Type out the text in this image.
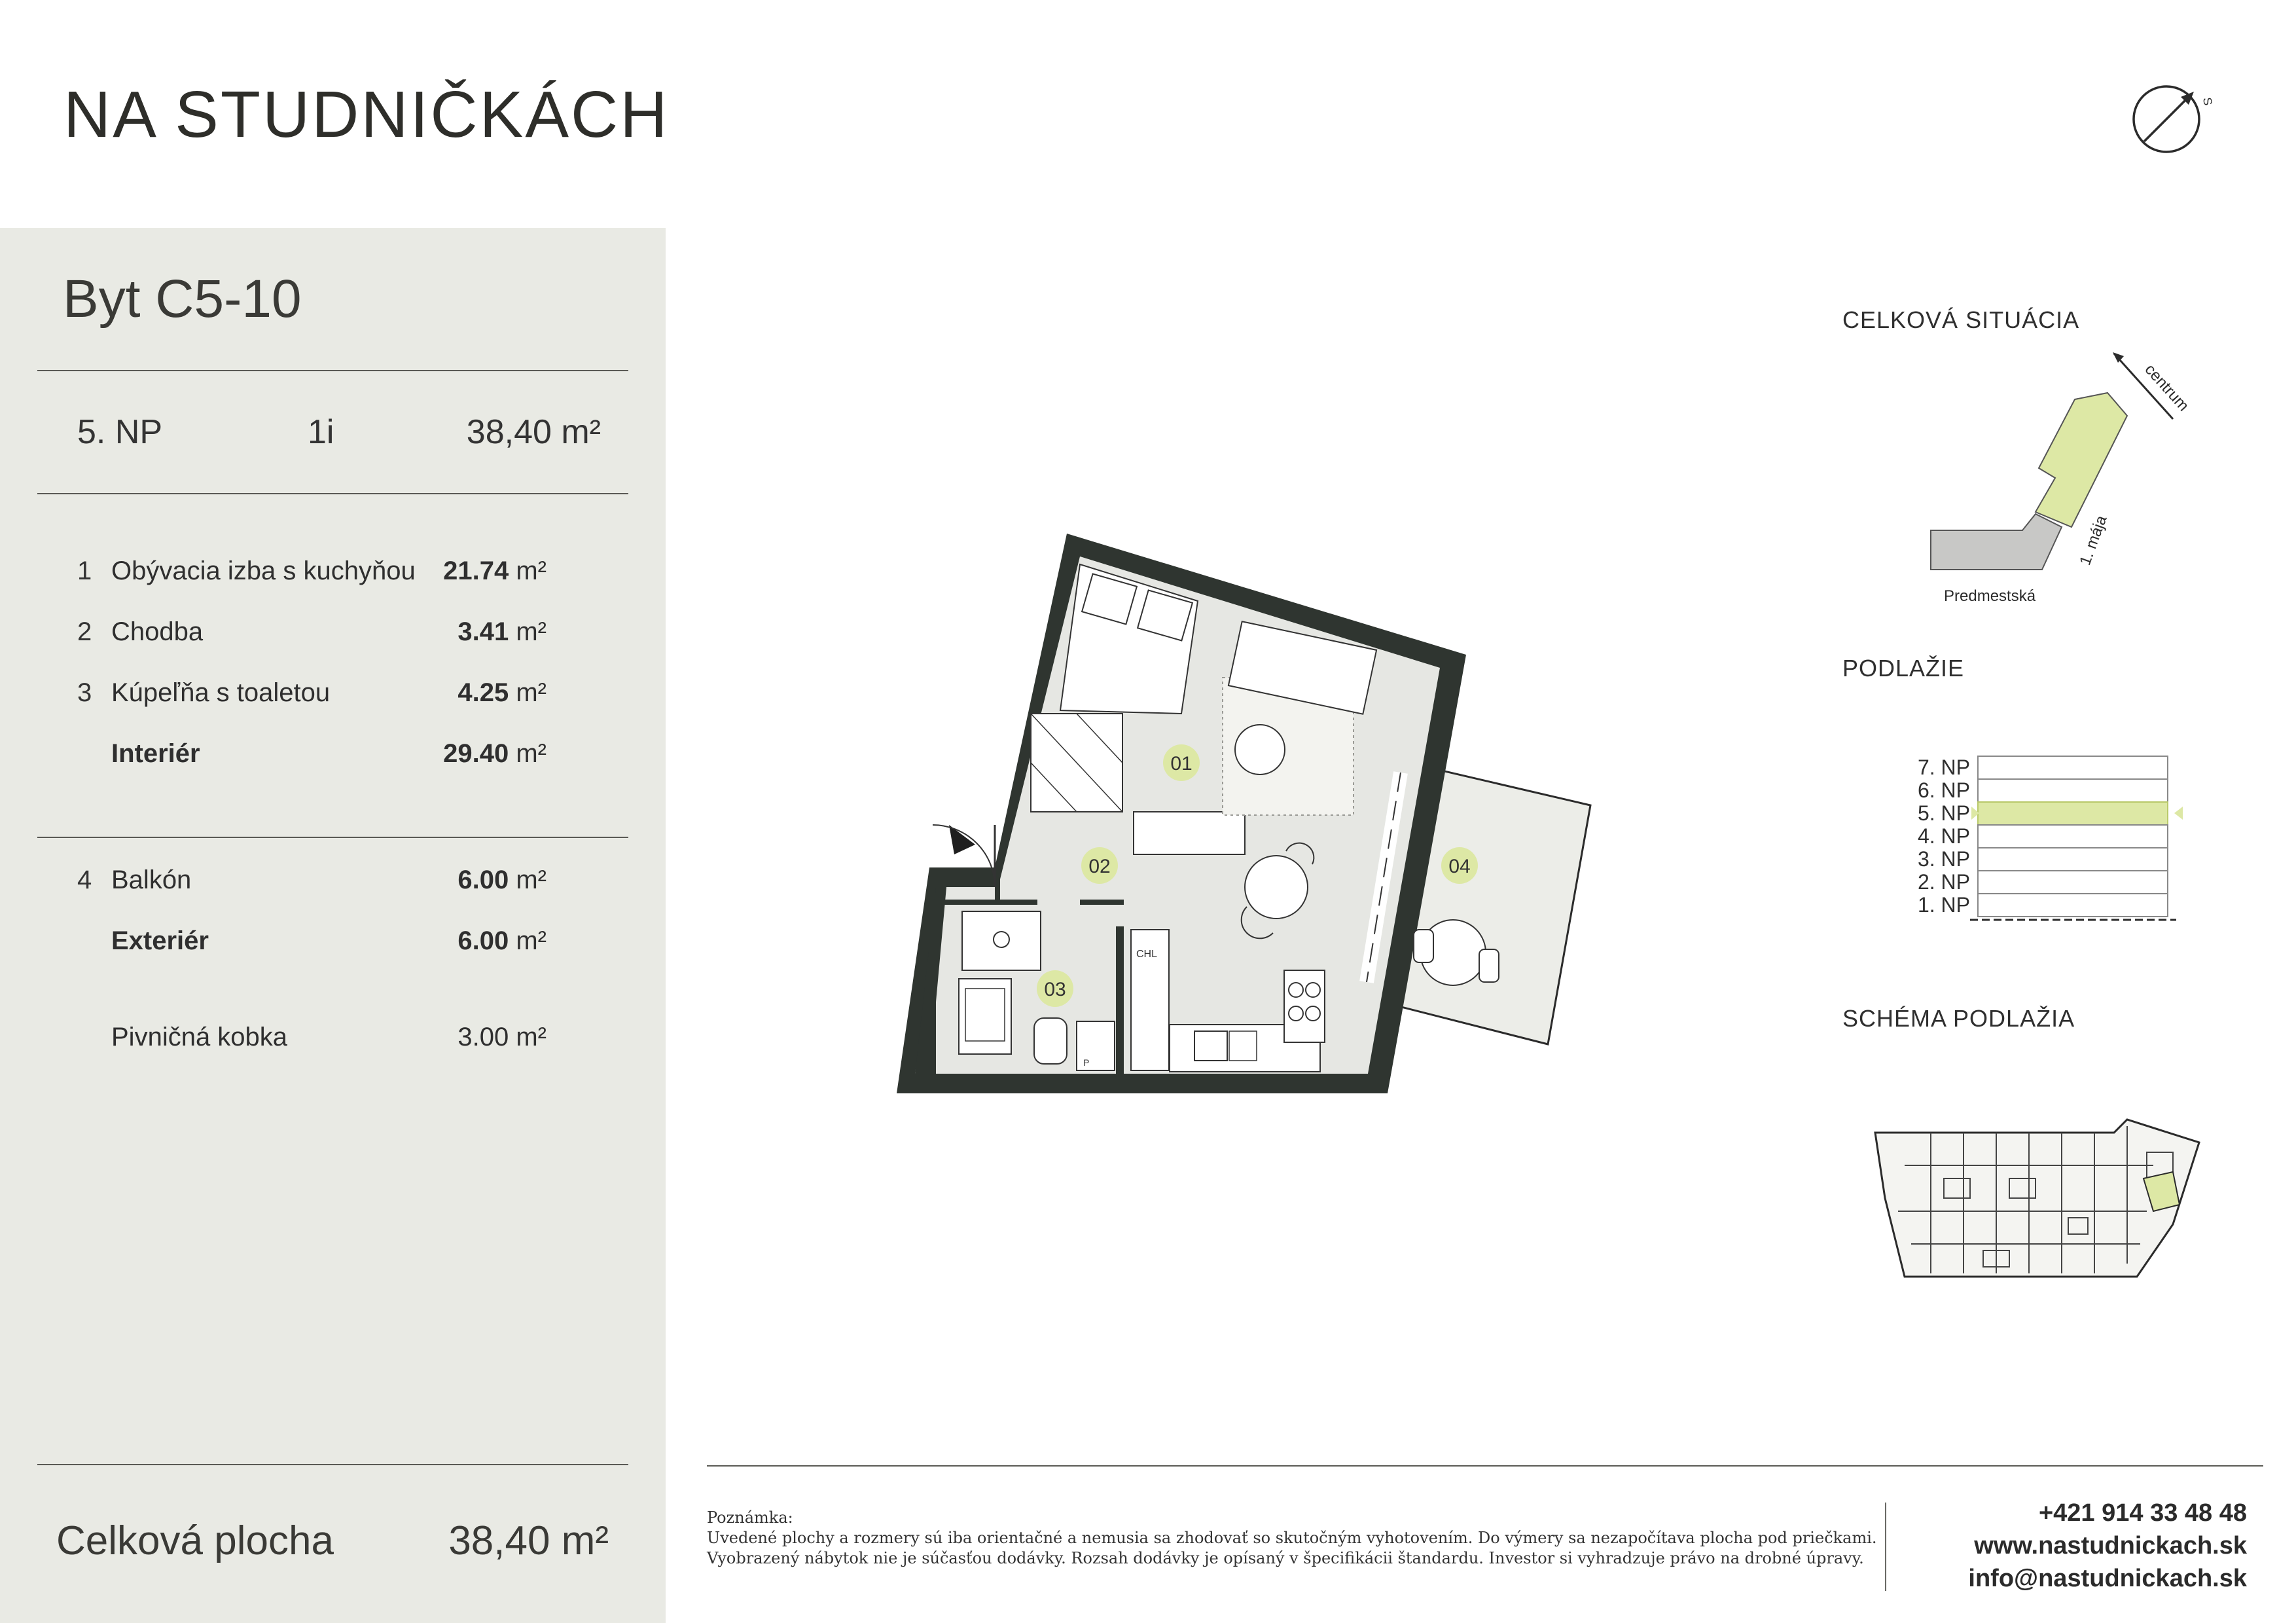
NA STUDNIČKÁCH	S
Byt C5-10
5. NP	1i	38,40 m²
1 Obývacia izba s kuchyňou	21.74 m²
2 Chodba	3.41 m²
3 Kúpeľňa s toaletou	4.25 m²
Interiér	29.40 m²
4 Balkón	6.00 m²
Exteriér	6.00 m²
Pivničná kobka	3.00 m²
Celková plocha	38,40 m²
P
CHL
01
02
03
04
CELKOVÁ SITUÁCIA
centrum
1. mája
Predmestská
PODLAŽIE
7. NP
6. NP
5. NP
4. NP
3. NP
2. NP
1. NP
SCHÉMA PODLAŽIA
Poznámka:
Uvedené plochy a rozmery sú iba orientačné a nemusia sa zhodovať so skutočným vyhotovením. Do výmery sa nezapočítava plocha pod priečkami.
Vyobrazený nábytok nie je súčasťou dodávky. Rozsah dodávky je opísaný v špecifikácii štandardu. Investor si vyhradzuje právo na drobné úpravy.
+421 914 33 48 48
www.nastudnickach.sk
info@nastudnickach.sk
